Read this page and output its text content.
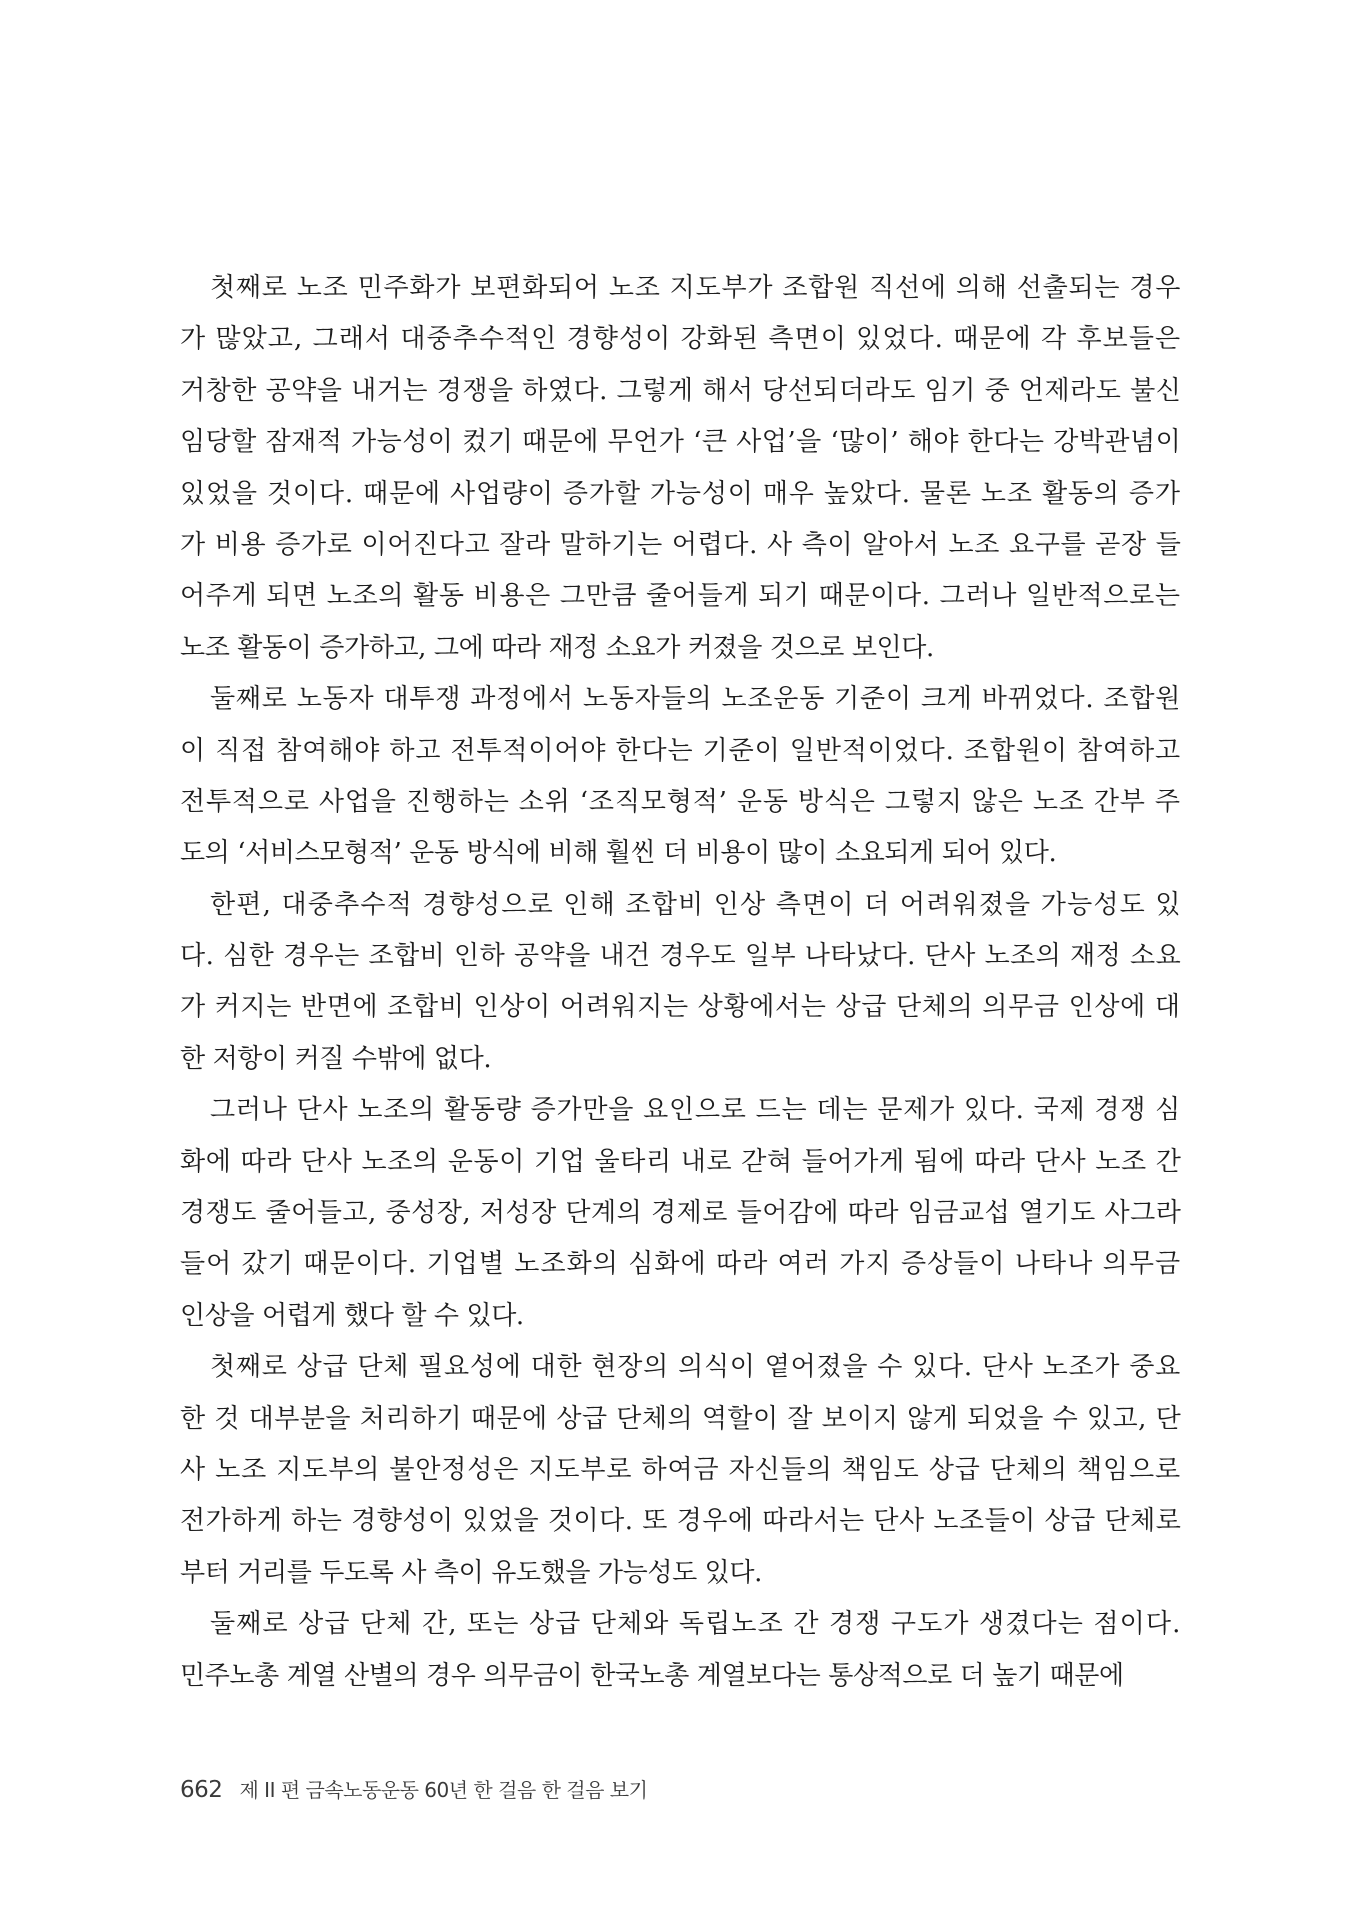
첫째로 노조 민주화가 보편화되어 노조 지도부가 조합원 직선에 의해 선출되는 경우
가 많았고, 그래서 대중추수적인 경향성이 강화된 측면이 있었다. 때문에 각 후보들은
거창한 공약을 내거는 경쟁을 하였다. 그렇게 해서 당선되더라도 임기 중 언제라도 불신
임당할 잠재적 가능성이 컸기 때문에 무언가 ‘큰 사업’을 ‘많이’ 해야 한다는 강박관념이
있었을 것이다. 때문에 사업량이 증가할 가능성이 매우 높았다. 물론 노조 활동의 증가
가 비용 증가로 이어진다고 잘라 말하기는 어렵다. 사 측이 알아서 노조 요구를 곧장 들
어주게 되면 노조의 활동 비용은 그만큼 줄어들게 되기 때문이다. 그러나 일반적으로는
노조 활동이 증가하고, 그에 따라 재정 소요가 커졌을 것으로 보인다.
둘째로 노동자 대투쟁 과정에서 노동자들의 노조운동 기준이 크게 바뀌었다. 조합원
이 직접 참여해야 하고 전투적이어야 한다는 기준이 일반적이었다. 조합원이 참여하고
전투적으로 사업을 진행하는 소위 ‘조직모형적’ 운동 방식은 그렇지 않은 노조 간부 주
도의 ‘서비스모형적’ 운동 방식에 비해 훨씬 더 비용이 많이 소요되게 되어 있다.
한편, 대중추수적 경향성으로 인해 조합비 인상 측면이 더 어려워졌을 가능성도 있
다. 심한 경우는 조합비 인하 공약을 내건 경우도 일부 나타났다. 단사 노조의 재정 소요
가 커지는 반면에 조합비 인상이 어려워지는 상황에서는 상급 단체의 의무금 인상에 대
한 저항이 커질 수밖에 없다.
그러나 단사 노조의 활동량 증가만을 요인으로 드는 데는 문제가 있다. 국제 경쟁 심
화에 따라 단사 노조의 운동이 기업 울타리 내로 갇혀 들어가게 됨에 따라 단사 노조 간
경쟁도 줄어들고, 중성장, 저성장 단계의 경제로 들어감에 따라 임금교섭 열기도 사그라
들어 갔기 때문이다. 기업별 노조화의 심화에 따라 여러 가지 증상들이 나타나 의무금
인상을 어렵게 했다 할 수 있다.
첫째로 상급 단체 필요성에 대한 현장의 의식이 옅어졌을 수 있다. 단사 노조가 중요
한 것 대부분을 처리하기 때문에 상급 단체의 역할이 잘 보이지 않게 되었을 수 있고, 단
사 노조 지도부의 불안정성은 지도부로 하여금 자신들의 책임도 상급 단체의 책임으로
전가하게 하는 경향성이 있었을 것이다. 또 경우에 따라서는 단사 노조들이 상급 단체로
부터 거리를 두도록 사 측이 유도했을 가능성도 있다.
둘째로 상급 단체 간, 또는 상급 단체와 독립노조 간 경쟁 구도가 생겼다는 점이다.
민주노총 계열 산별의 경우 의무금이 한국노총 계열보다는 통상적으로 더 높기 때문에
662 제 II 편 금속노동운동 60년 한 걸음 한 걸음 보기
